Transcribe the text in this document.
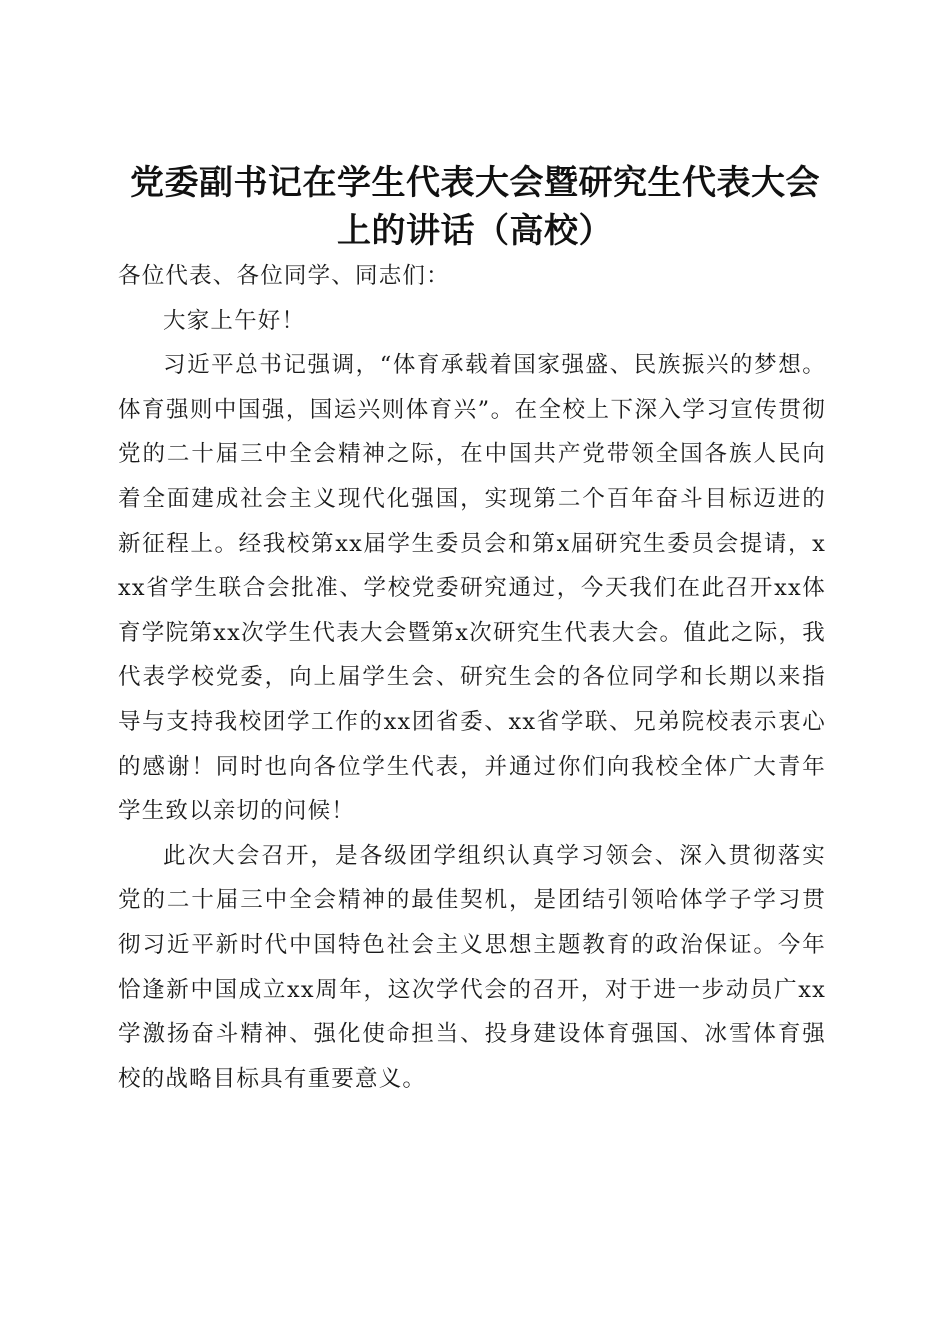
党委副书记在学生代表大会暨研究生代表大会
上的讲话（高校）

各位代表、各位同学、同志们：

大家上午好！

习近平总书记强调，“体育承载着国家强盛、民族振兴的梦想。体育强则中国强，国运兴则体育兴”。在全校上下深入学习宣传贯彻党的二十届三中全会精神之际，在中国共产党带领全国各族人民向着全面建成社会主义现代化强国，实现第二个百年奋斗目标迈进的新征程上。经我校第xx届学生委员会和第x届研究生委员会提请，xxx省学生联合会批准、学校党委研究通过，今天我们在此召开xx体育学院第xx次学生代表大会暨第x次研究生代表大会。值此之际，我代表学校党委，向上届学生会、研究生会的各位同学和长期以来指导与支持我校团学工作的xx团省委、xx省学联、兄弟院校表示衷心的感谢！同时也向各位学生代表，并通过你们向我校全体广大青年学生致以亲切的问候！

此次大会召开，是各级团学组织认真学习领会、深入贯彻落实党的二十届三中全会精神的最佳契机，是团结引领哈体学子学习贯彻习近平新时代中国特色社会主义思想主题教育的政治保证。今年恰逢新中国成立xx周年，这次学代会的召开，对于进一步动员广xx学激扬奋斗精神、强化使命担当、投身建设体育强国、冰雪体育强校的战略目标具有重要意义。
